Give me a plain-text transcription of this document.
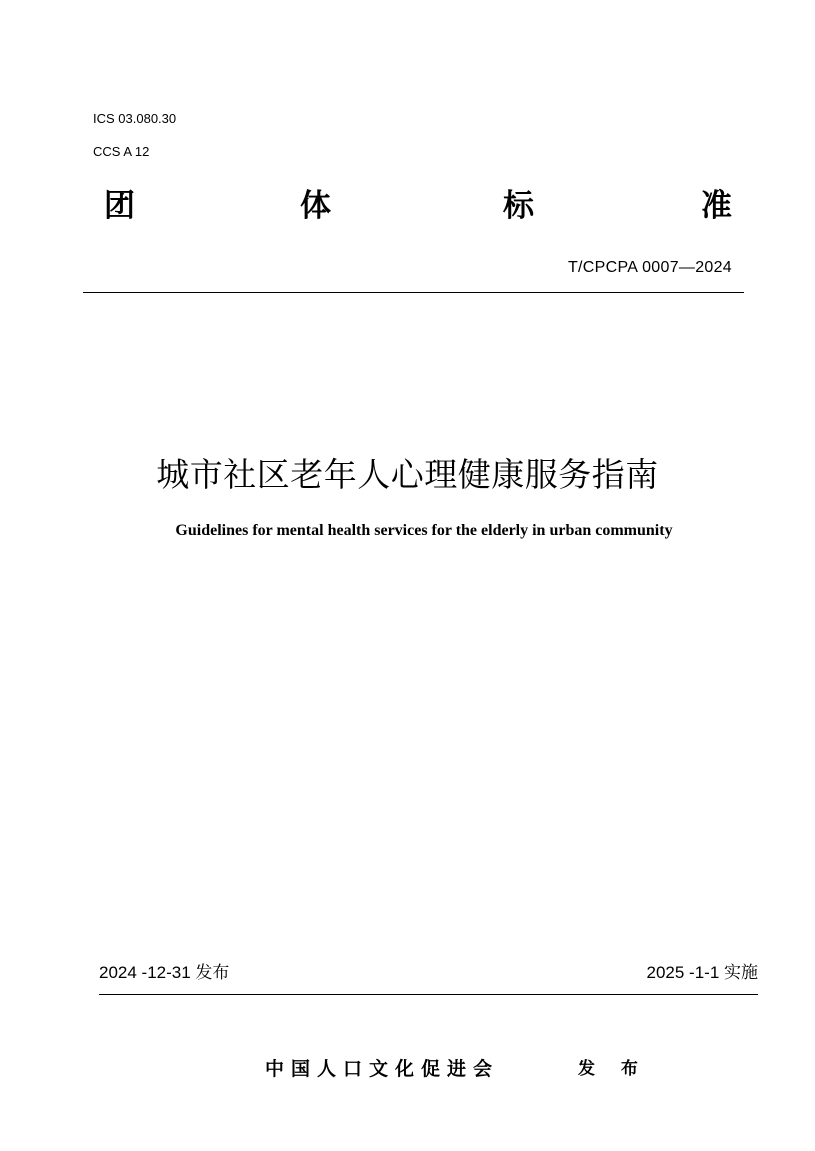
ICS 03.080.30
CCS A 12
团	体	标	准
T/CPCPA 0007—2024
城市社区老年人心理健康服务指南
Guidelines for mental health services for the elderly in urban community
2024 -12-31 发布	2025 -1-1 实施
中国人口文化促进会	发 布
